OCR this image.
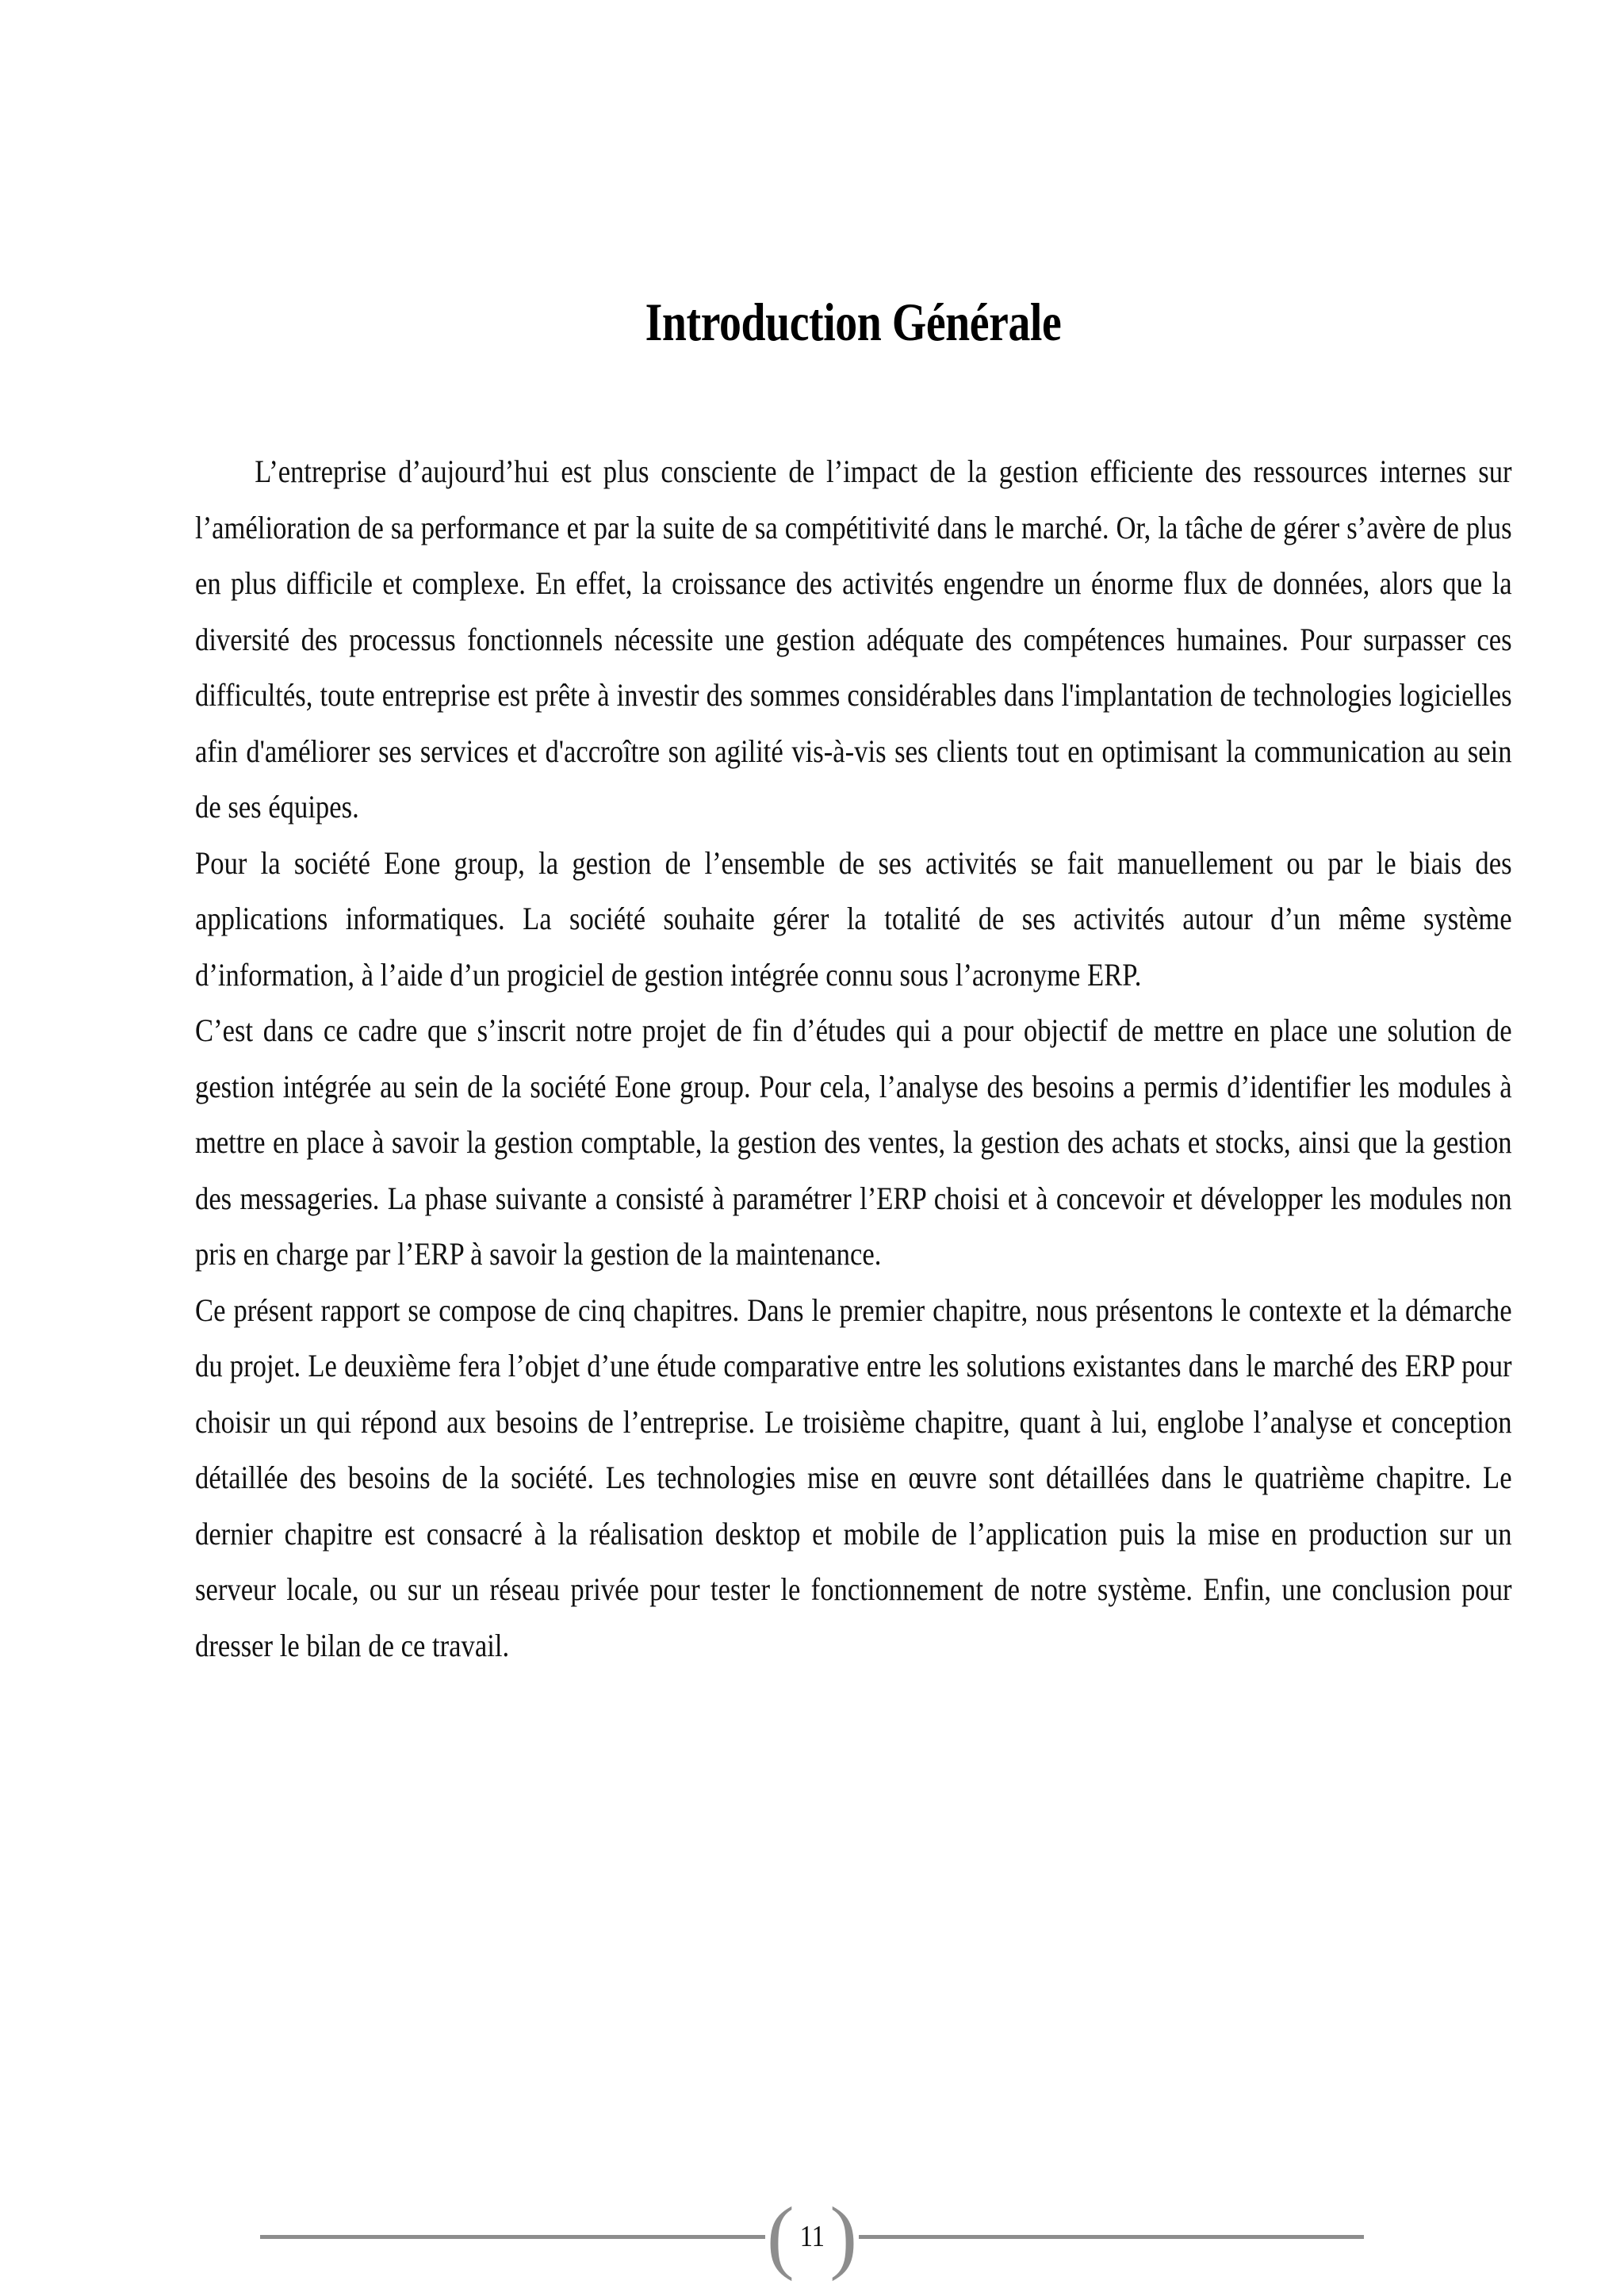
Introduction Générale

L’entreprise d’aujourd’hui est plus consciente de l’impact de la gestion efficiente des ressources internes sur l’amélioration de sa performance et par la suite de sa compétitivité dans le marché. Or, la tâche de gérer s’avère de plus en plus difficile et complexe. En effet, la croissance des activités engendre un énorme flux de données, alors que la diversité des processus fonctionnels nécessite une gestion adéquate des compétences humaines. Pour surpasser ces difficultés, toute entreprise est prête à investir des sommes considérables dans l'implantation de technologies logicielles afin d'améliorer ses services et d'accroître son agilité vis-à-vis ses clients tout en optimisant la communication au sein de ses équipes.

Pour la société Eone group, la gestion de l’ensemble de ses activités se fait manuellement ou par le biais des applications informatiques. La société souhaite gérer la totalité de ses activités autour d’un même système d’information, à l’aide d’un progiciel de gestion intégrée connu sous l’acronyme ERP.

C’est dans ce cadre que s’inscrit notre projet de fin d’études qui a pour objectif de mettre en place une solution de gestion intégrée au sein de la société Eone group. Pour cela, l’analyse des besoins a permis d’identifier les modules à mettre en place à savoir la gestion comptable, la gestion des ventes, la gestion des achats et stocks, ainsi que la gestion des messageries. La phase suivante a consisté à paramétrer l’ERP choisi et à concevoir et développer les modules non pris en charge par l’ERP à savoir la gestion de la maintenance.

Ce présent rapport se compose de cinq chapitres. Dans le premier chapitre, nous présentons le contexte et la démarche du projet. Le deuxième fera l’objet d’une étude comparative entre les solutions existantes dans le marché des ERP pour choisir un qui répond aux besoins de l’entreprise. Le troisième chapitre, quant à lui, englobe l’analyse et conception détaillée des besoins de la société. Les technologies mise en œuvre sont détaillées dans le quatrième chapitre. Le dernier chapitre est consacré à la réalisation desktop et mobile de l’application puis la mise en production sur un serveur locale, ou sur un réseau privée pour tester le fonctionnement de notre système. Enfin, une conclusion pour dresser le bilan de ce travail.

( 11 )
